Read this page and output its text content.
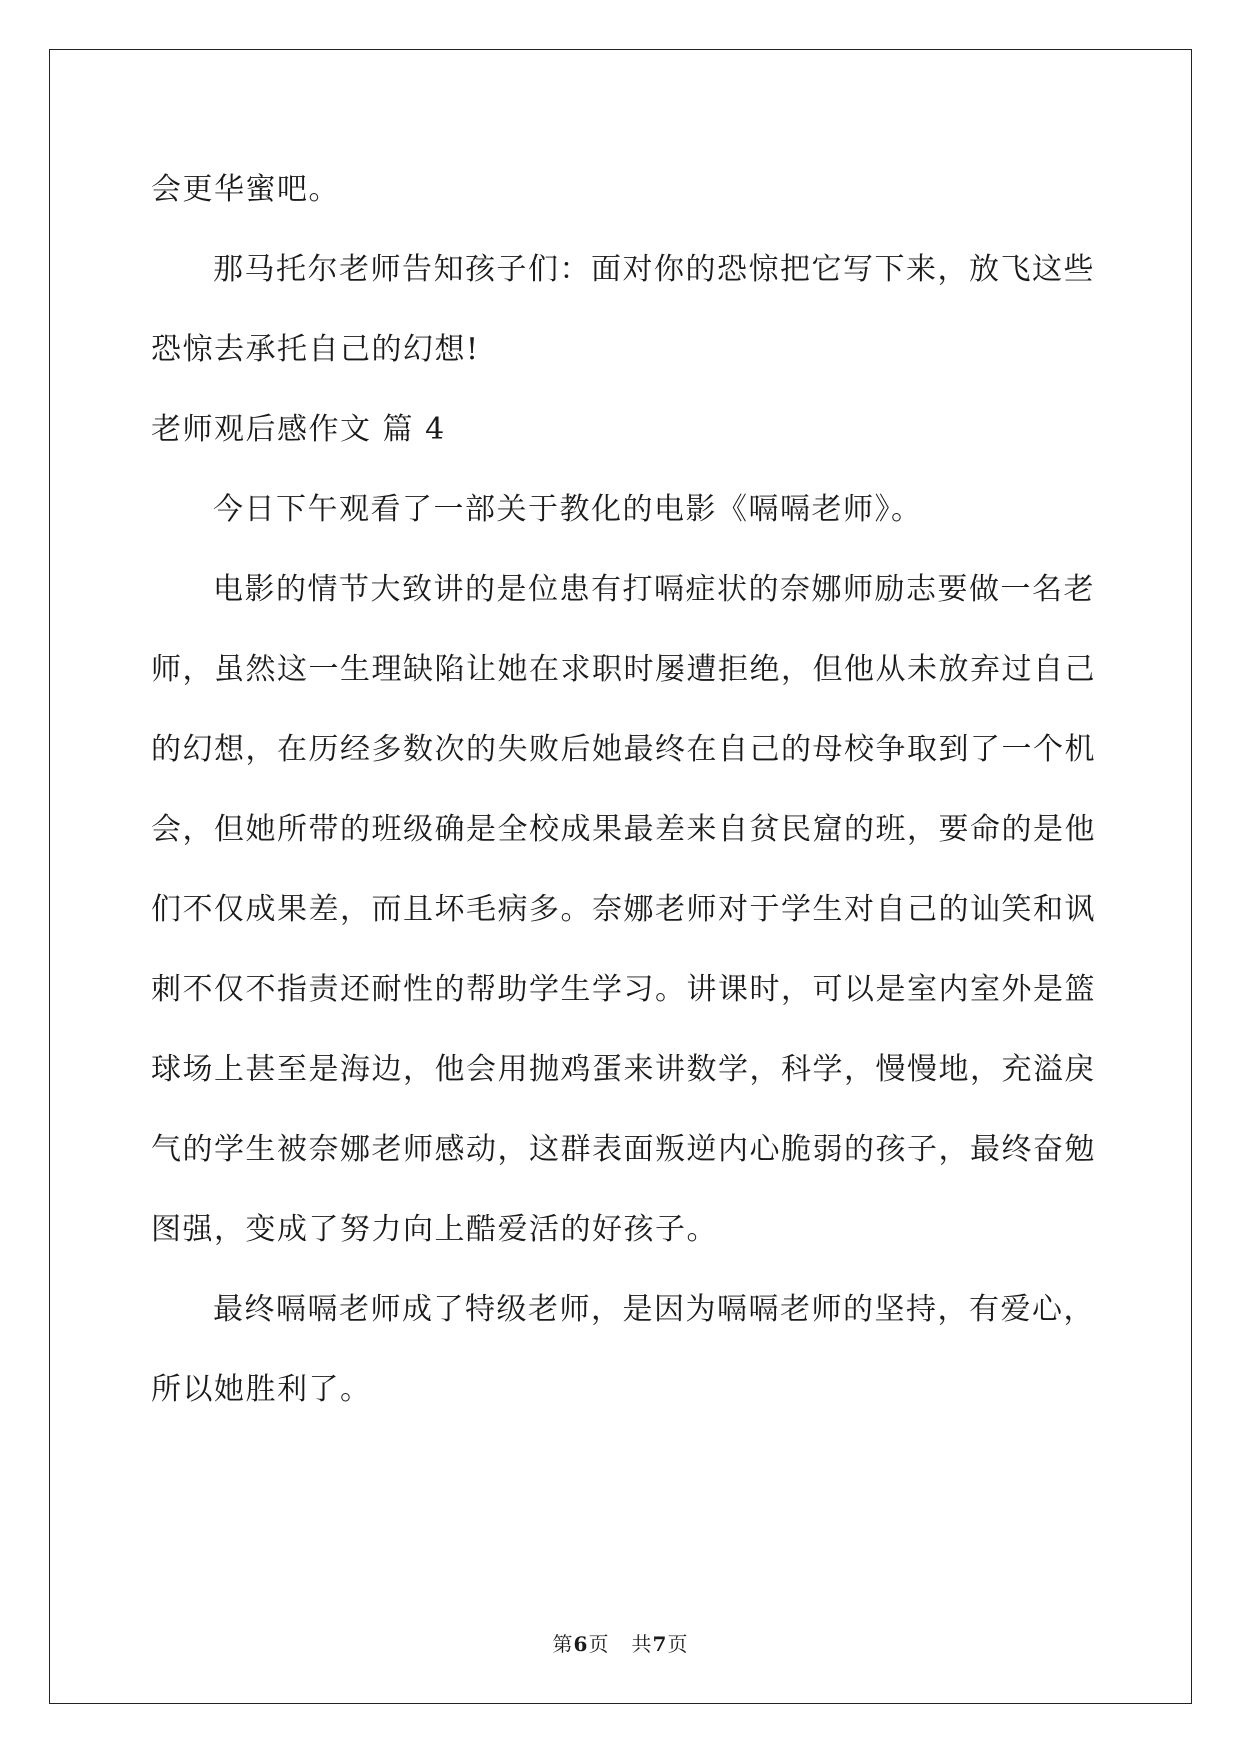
会更华蜜吧。
那马托尔老师告知孩子们：面对你的恐惊把它写下来，放飞这些
恐惊去承托自己的幻想!
老师观后感作文 篇 4
今日下午观看了一部关于教化的电影《嗝嗝老师》。
电影的情节大致讲的是位患有打嗝症状的奈娜师励志要做一名老
师，虽然这一生理缺陷让她在求职时屡遭拒绝，但他从未放弃过自己
的幻想，在历经多数次的失败后她最终在自己的母校争取到了一个机
会，但她所带的班级确是全校成果最差来自贫民窟的班，要命的是他
们不仅成果差，而且坏毛病多。奈娜老师对于学生对自己的讪笑和讽
刺不仅不指责还耐性的帮助学生学习。讲课时，可以是室内室外是篮
球场上甚至是海边，他会用抛鸡蛋来讲数学，科学，慢慢地，充溢戾
气的学生被奈娜老师感动，这群表面叛逆内心脆弱的孩子，最终奋勉
图强，变成了努力向上酷爱活的好孩子。
最终嗝嗝老师成了特级老师，是因为嗝嗝老师的坚持，有爱心，
所以她胜利了。
第6页   共7页
